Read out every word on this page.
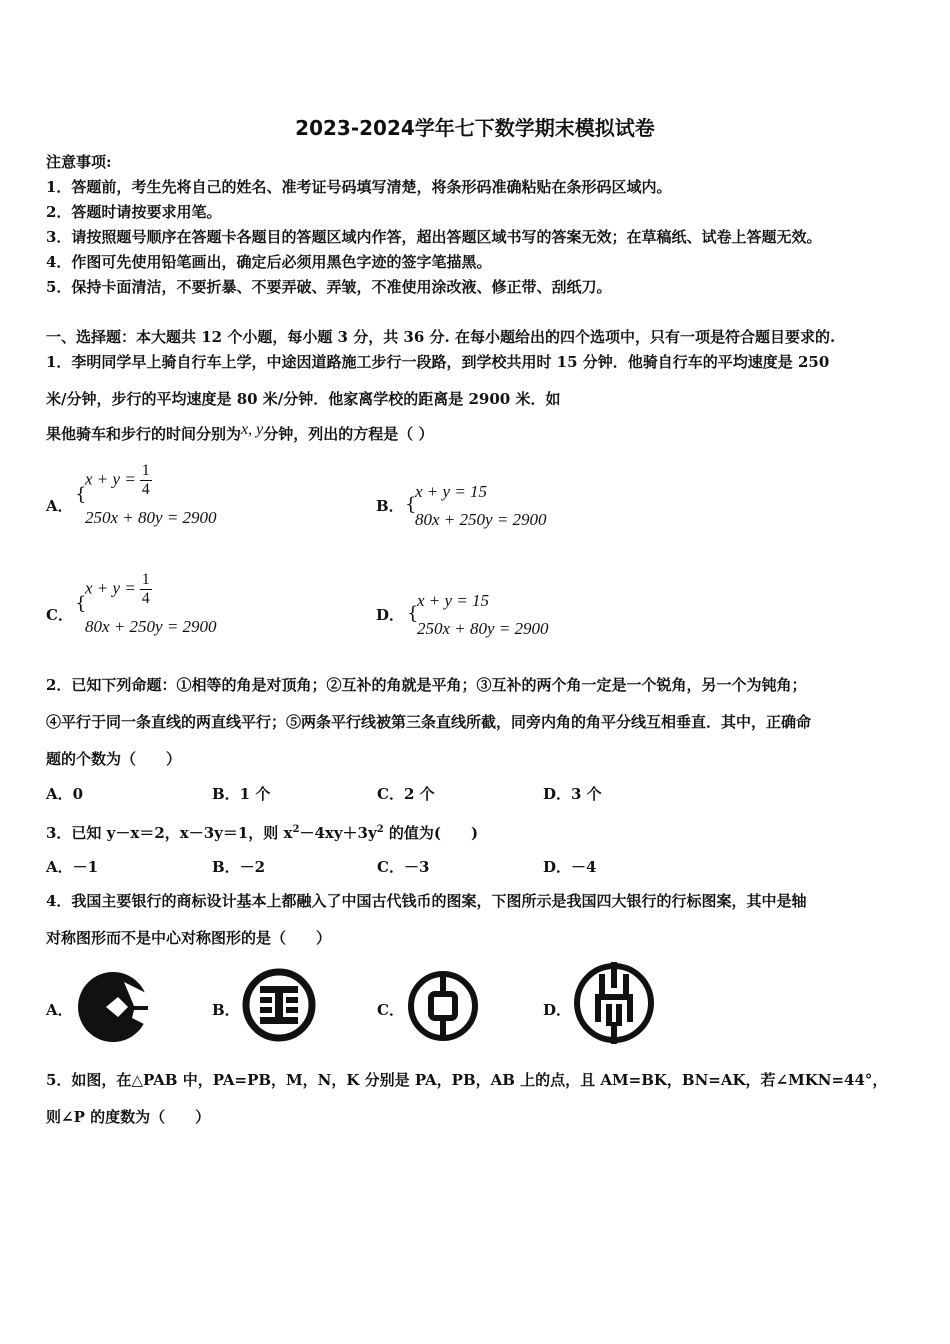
2023-2024学年七下数学期末模拟试卷
注意事项:
1．答题前，考生先将自己的姓名、准考证号码填写清楚，将条形码准确粘贴在条形码区域内。
2．答题时请按要求用笔。
3．请按照题号顺序在答题卡各题目的答题区域内作答，超出答题区域书写的答案无效；在草稿纸、试卷上答题无效。
4．作图可先使用铅笔画出，确定后必须用黑色字迹的签字笔描黑。
5．保持卡面清洁，不要折暴、不要弄破、弄皱，不准使用涂改液、修正带、刮纸刀。
一、选择题：本大题共 12 个小题，每小题 3 分，共 36 分. 在每小题给出的四个选项中，只有一项是符合题目要求的.
1．李明同学早上骑自行车上学，中途因道路施工步行一段路，到学校共用时 15 分钟．他骑自行车的平均速度是 250
米/分钟，步行的平均速度是 80 米/分钟．他家离学校的距离是 2900 米．如
果他骑车和步行的时间分别为x, y分钟，列出的方程是（ ）
A．
{
$x + y = \frac{1}{4}$
250x + 80y = 2900
B． {
x + y = 15
80x + 250y = 2900
C．
{
$x + y = \frac{1}{4}$
80x + 250y = 2900
D． {
x + y = 15
250x + 80y = 2900
2．已知下列命题：①相等的角是对顶角；②互补的角就是平角；③互补的两个角一定是一个锐角，另一个为钝角；
④平行于同一条直线的两直线平行；⑤两条平行线被第三条直线所截，同旁内角的角平分线互相垂直．其中，正确命
题的个数为（　　）
A．0	B．1 个	C．2 个	D．3 个
3．已知 y－x＝2，x－3y＝1，则 $x^2-4xy+3y^2$ 的值为(　　)
A．－1	B．－2	C．－3	D．－4
4．我国主要银行的商标设计基本上都融入了中国古代钱币的图案，下图所示是我国四大银行的行标图案，其中是轴
对称图形而不是中心对称图形的是（　　）
A．	B．	C．	D．
5．如图，在△PAB 中，PA=PB，M，N，K 分别是 PA，PB，AB 上的点，且 AM=BK，BN=AK，若∠MKN=44°，
则∠P 的度数为（　　）
